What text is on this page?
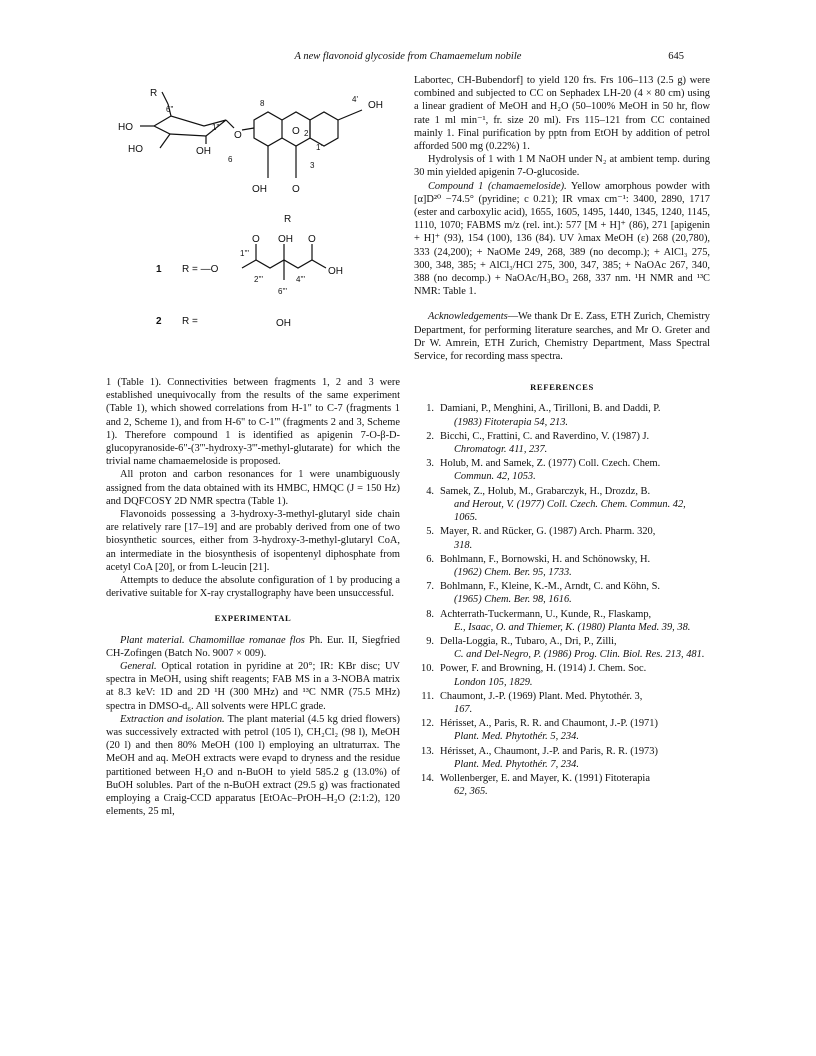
A new flavonoid glycoside from Chamaemelum nobile	645
R
6"
HO
HO	OH
1"
O
8
O 2
4'
OH
1'
6
3
OH	O
R
O OH O
1'''
2'''	4'''
OH
6'''
1 R = —O
2 R =	OH

1 (Table 1). Connectivities between fragments 1, 2 and 3 were established unequivocally from the results of the same experiment (Table 1), which showed correlations from H-1" to C-7 (fragments 1 and 2, Scheme 1), and from H-6" to C-1''' (fragments 2 and 3, Scheme 1). Therefore compound 1 is identified as apigenin 7-O-β-D-glucopyranoside-6"-(3'''-hydroxy-3'''-methyl-glutarate) for which the trivial name chamaemeloside is proposed.

All proton and carbon resonances for 1 were unambiguously assigned from the data obtained with its HMBC, HMQC (J = 150 Hz) and DQFCOSY 2D NMR spectra (Table 1).

Flavonoids possessing a 3-hydroxy-3-methyl-glutaryl side chain are relatively rare [17–19] and are probably derived from one of two biosynthetic sources, either from 3-hydroxy-3-methyl-glutaryl CoA, an intermediate in the biosynthesis of isopentenyl diphosphate from acetyl CoA [20], or from L-leucin [21].

Attempts to deduce the absolute configuration of 1 by producing a derivative suitable for X-ray crystallography have been unsuccessful.

EXPERIMENTAL

Plant material. Chamomillae romanae flos Ph. Eur. II, Siegfried CH-Zofingen (Batch No. 9007 × 009).

General. Optical rotation in pyridine at 20°; IR: KBr disc; UV spectra in MeOH, using shift reagents; FAB MS in a 3-NOBA matrix at 8.3 keV: 1D and 2D ¹H (300 MHz) and ¹³C NMR (75.5 MHz) spectra in DMSO-d₆. All solvents were HPLC grade.

Extraction and isolation. The plant material (4.5 kg dried flowers) was successively extracted with petrol (105 l), CH₂Cl₂ (98 l), MeOH (20 l) and then 80% MeOH (100 l) employing an ultraturrax. The MeOH and aq. MeOH extracts were evapd to dryness and the residue partitioned between H₂O and n-BuOH to yield 585.2 g (13.0%) of BuOH solubles. Part of the n-BuOH extract (29.5 g) was fractionated employing a Craig-CCD apparatus [EtOAc–PrOH–H₂O (2:1:2), 120 elements, 25 ml,

Labortec, CH-Bubendorf] to yield 120 frs. Frs 106–113 (2.5 g) were combined and subjected to CC on Sephadex LH-20 (4 × 80 cm) using a linear gradient of MeOH and H₂O (50–100% MeOH in 50 hr, flow rate 1 ml min⁻¹, fr. size 20 ml). Frs 115–121 from CC contained mainly 1. Final purification by pptn from EtOH by addition of petrol afforded 500 mg (0.22%) 1.

Hydrolysis of 1 with 1 M NaOH under N₂ at ambient temp. during 30 min yielded apigenin 7-O-glucoside.

Compound 1 (chamaemeloside). Yellow amorphous powder with [α]D²⁰ −74.5° (pyridine; c 0.21); IR νmax cm⁻¹: 3400, 2890, 1717 (ester and carboxylic acid), 1655, 1605, 1495, 1440, 1345, 1240, 1145, 1110, 1070; FABMS m/z (rel. int.): 577 [M + H]⁺ (86), 271 [apigenin + H]⁺ (93), 154 (100), 136 (84). UV λmax MeOH (ε) 268 (20,780), 333 (24,200); + NaOMe 249, 268, 389 (no decomp.); + AlCl₃ 275, 300, 348, 385; + AlCl₃/HCl 275, 300, 347, 385; + NaOAc 267, 340, 388 (no decomp.) + NaOAc/H₃BO₃ 268, 337 nm. ¹H NMR and ¹³C NMR: Table 1.

Acknowledgements—We thank Dr E. Zass, ETH Zurich, Chemistry Department, for performing literature searches, and Mr O. Greter and Dr W. Amrein, ETH Zurich, Chemistry Department, Mass Spectral Service, for recording mass spectra.

REFERENCES
1. Damiani, P., Menghini, A., Tirilloni, B. and Daddi, P.
(1983) Fitoterapia 54, 213.
2. Bicchi, C., Frattini, C. and Raverdino, V. (1987) J.
Chromatogr. 411, 237.
3. Holub, M. and Samek, Z. (1977) Coll. Czech. Chem.
Commun. 42, 1053.
4. Samek, Z., Holub, M., Grabarczyk, H., Drozdz, B.
and Herout, V. (1977) Coll. Czech. Chem. Commun. 42, 1065.
5. Mayer, R. and Rücker, G. (1987) Arch. Pharm. 320,
318.
6. Bohlmann, F., Bornowski, H. and Schönowsky, H.
(1962) Chem. Ber. 95, 1733.
7. Bohlmann, F., Kleine, K.-M., Arndt, C. and Köhn, S.
(1965) Chem. Ber. 98, 1616.
8. Achterrath-Tuckermann, U., Kunde, R., Flaskamp,
E., Isaac, O. and Thiemer, K. (1980) Planta Med. 39, 38.
9. Della-Loggia, R., Tubaro, A., Dri, P., Zilli,
C. and Del-Negro, P. (1986) Prog. Clin. Biol. Res. 213, 481.
10. Power, F. and Browning, H. (1914) J. Chem. Soc.
London 105, 1829.
11. Chaumont, J.-P. (1969) Plant. Med. Phytothér. 3,
167.
12. Hérisset, A., Paris, R. R. and Chaumont, J.-P. (1971)
Plant. Med. Phytothér. 5, 234.
13. Hérisset, A., Chaumont, J.-P. and Paris, R. R. (1973)
Plant. Med. Phytothér. 7, 234.
14. Wollenberger, E. and Mayer, K. (1991) Fitoterapia
62, 365.
